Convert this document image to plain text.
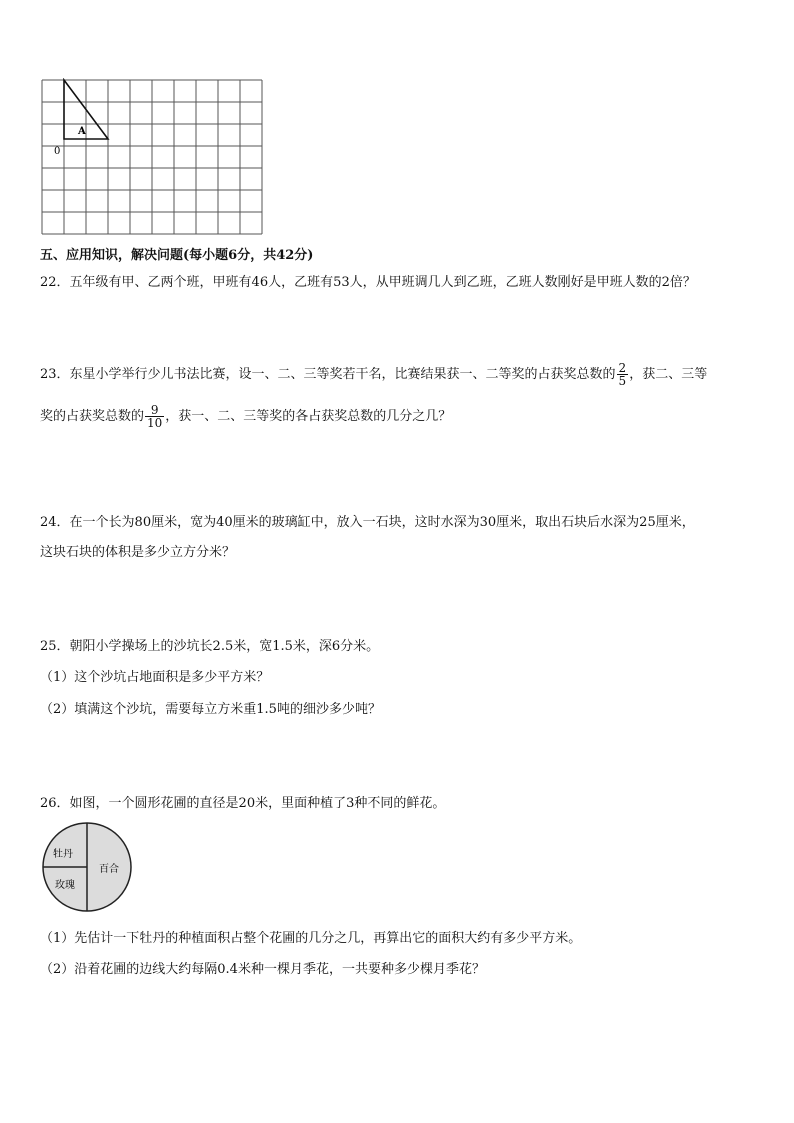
A
0
五、应用知识，解决问题(每小题6分，共42分)
22．五年级有甲、乙两个班，甲班有46人，乙班有53人，从甲班调几人到乙班，乙班人数刚好是甲班人数的2倍？
23．东星小学举行少儿书法比赛，设一、二、三等奖若干名，比赛结果获一、二等奖的占获奖总数的 $\frac{2}{5}$ ，获二、三等
奖的占获奖总数的 $\frac{9}{10}$ ，获一、二、三等奖的各占获奖总数的几分之几？
24．在一个长为80厘米，宽为40厘米的玻璃缸中，放入一石块，这时水深为30厘米，取出石块后水深为25厘米，
这块石块的体积是多少立方分米？
25．朝阳小学操场上的沙坑长2.5米，宽1.5米，深6分米。
（1）这个沙坑占地面积是多少平方米？
（2）填满这个沙坑，需要每立方米重1.5吨的细沙多少吨？
26．如图，一个圆形花圃的直径是20米，里面种植了3种不同的鲜花。
牡丹
玫瑰
百合
（1）先估计一下牡丹的种植面积占整个花圃的几分之几，再算出它的面积大约有多少平方米。
（2）沿着花圃的边线大约每隔0.4米种一棵月季花，一共要种多少棵月季花？
